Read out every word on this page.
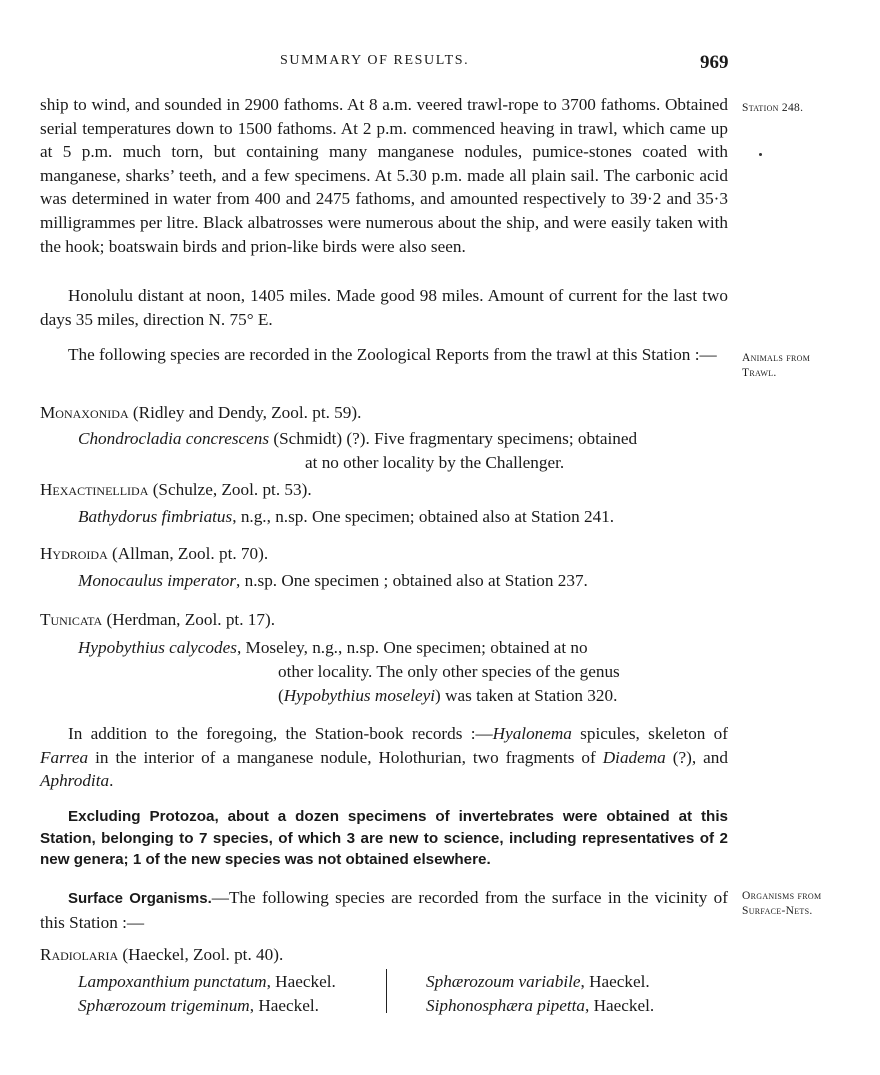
SUMMARY OF RESULTS.	969
Station 248.
Animals from
Trawl.
Organisms from
Surface-Nets.
ship to wind, and sounded in 2900 fathoms. At 8 a.m. veered trawl-rope to 3700 fathoms. Obtained serial temperatures down to 1500 fathoms. At 2 p.m. commenced heaving in trawl, which came up at 5 p.m. much torn, but containing many manganese nodules, pumice-stones coated with manganese, sharks’ teeth, and a few specimens. At 5.30 p.m. made all plain sail. The carbonic acid was determined in water from 400 and 2475 fathoms, and amounted respectively to 39·2 and 35·3 milligrammes per litre. Black albatrosses were numerous about the ship, and were easily taken with the hook; boatswain birds and prion-like birds were also seen.
Honolulu distant at noon, 1405 miles. Made good 98 miles. Amount of current for the last two days 35 miles, direction N. 75° E.
The following species are recorded in the Zoological Reports from the trawl at this Station :—
Monaxonida (Ridley and Dendy, Zool. pt. 59).
Chondrocladia concrescens (Schmidt) (?). Five fragmentary specimens; obtained
at no other locality by the Challenger.
Hexactinellida (Schulze, Zool. pt. 53).
Bathydorus fimbriatus, n.g., n.sp. One specimen; obtained also at Station 241.
Hydroida (Allman, Zool. pt. 70).
Monocaulus imperator, n.sp. One specimen ; obtained also at Station 237.
Tunicata (Herdman, Zool. pt. 17).
Hypobythius calycodes, Moseley, n.g., n.sp. One specimen; obtained at no
other locality. The only other species of the genus
(Hypobythius moseleyi) was taken at Station 320.
In addition to the foregoing, the Station-book records :—Hyalonema spicules, skeleton of Farrea in the interior of a manganese nodule, Holothurian, two fragments of Diadema (?), and Aphrodita.
Excluding Protozoa, about a dozen specimens of invertebrates were obtained at this Station, belonging to 7 species, of which 3 are new to science, including representatives of 2 new genera; 1 of the new species was not obtained elsewhere.
Surface Organisms.—The following species are recorded from the surface in the vicinity of this Station :—
Radiolaria (Haeckel, Zool. pt. 40).
Lampoxanthium punctatum, Haeckel.
Sphærozoum trigeminum, Haeckel.
Sphærozoum variabile, Haeckel.
Siphonosphæra pipetta, Haeckel.
